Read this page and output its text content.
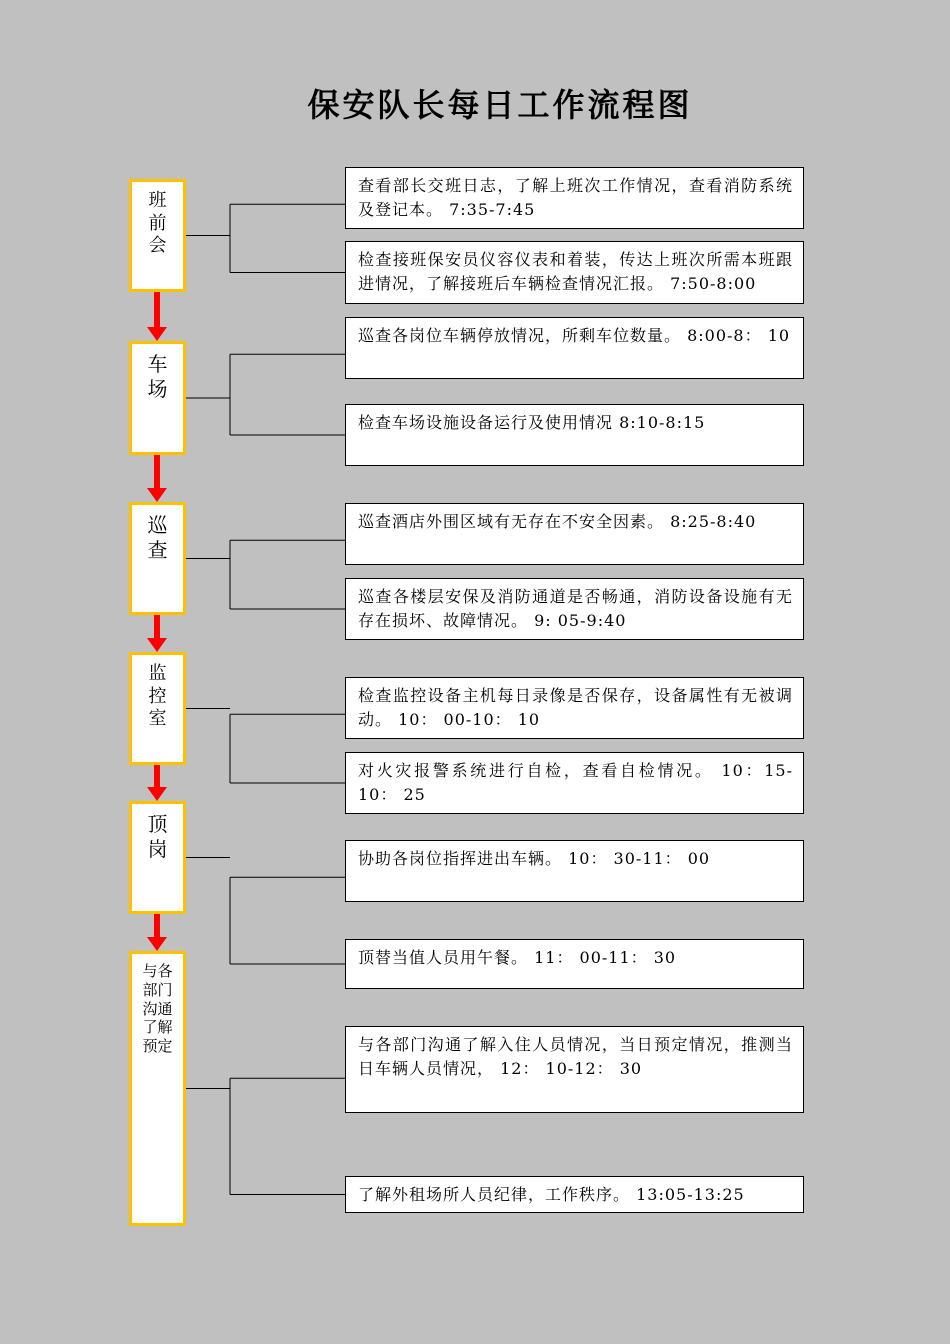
保安队长每日工作流程图
班
前
会
查看部长交班日志，了解上班次工作情况，查看消防系统及登记本。 7:35-7:45
检查接班保安员仪容仪表和着装，传达上班次所需本班跟进情况，了解接班后车辆检查情况汇报。 7:50-8:00
车
场
巡查各岗位车辆停放情况，所剩车位数量。 8:00-8： 10
检查车场设施设备运行及使用情况 8:10-8:15
巡
查
巡查酒店外围区域有无存在不安全因素。 8:25-8:40
巡查各楼层安保及消防通道是否畅通，消防设备设施有无存在损坏、故障情况。 9: 05-9:40
监
控
室
检查监控设备主机每日录像是否保存，设备属性有无被调动。 10： 00-10： 10
对火灾报警系统进行自检，查看自检情况。 10：15-10： 25
顶
岗	协助各岗位指挥进出车辆。 10： 30-11： 00
顶替当值人员用午餐。 11： 00-11： 30
与各
部门
沟通
了解
预定	与各部门沟通了解入住人员情况，当日预定情况，推测当日车辆人员情况， 12： 10-12： 30
了解外租场所人员纪律，工作秩序。 13:05-13:25
